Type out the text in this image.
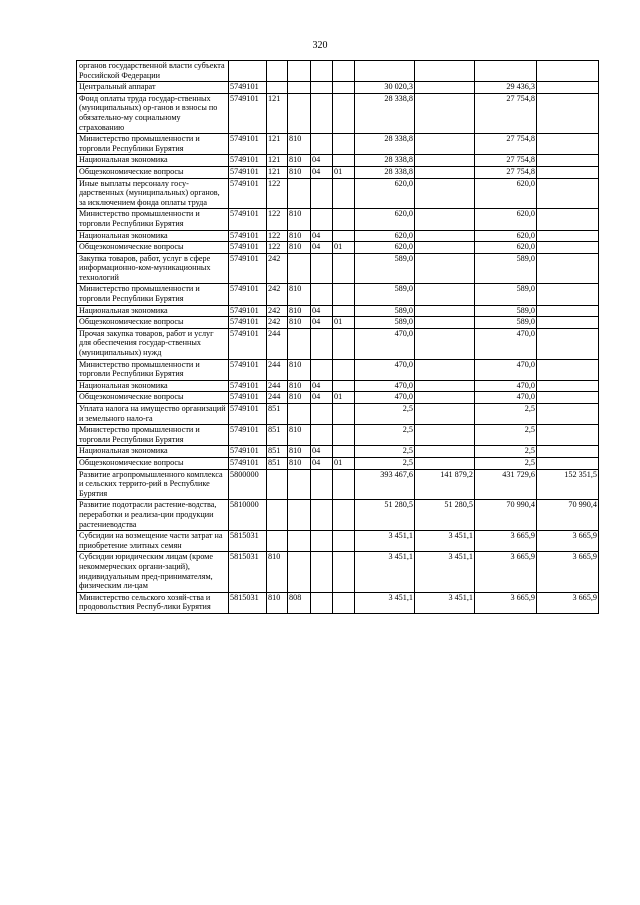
320
органов государственной власти субъекта Российской Федерации									
Центральный аппарат	5749101					30 020,3		29 436,3	
Фонд оплаты труда государ-ственных (муниципальных) ор-ганов и взносы по обязательно-му социальному страхованию	5749101	121				28 338,8		27 754,8	
Министерство промышленности и торговли Республики Бурятия	5749101	121	810			28 338,8		27 754,8	
Национальная экономика	5749101	121	810	04		28 338,8		27 754,8	
Общеэкономические вопросы	5749101	121	810	04	01	28 338,8		27 754,8	
Иные выплаты персоналу госу-дарственных (муниципальных) органов, за исключением фонда оплаты труда	5749101	122				620,0		620,0	
Министерство промышленности и торговли Республики Бурятия	5749101	122	810			620,0		620,0	
Национальная экономика	5749101	122	810	04		620,0		620,0	
Общеэкономические вопросы	5749101	122	810	04	01	620,0		620,0	
Закупка товаров, работ, услуг в сфере информационно-ком-муникационных технологий	5749101	242				589,0		589,0	
Министерство промышленности и торговли Республики Бурятия	5749101	242	810			589,0		589,0	
Национальная экономика	5749101	242	810	04		589,0		589,0	
Общеэкономические вопросы	5749101	242	810	04	01	589,0		589,0	
Прочая закупка товаров, работ и услуг для обеспечения государ-ственных (муниципальных) нужд	5749101	244				470,0		470,0	
Министерство промышленности и торговли Республики Бурятия	5749101	244	810			470,0		470,0	
Национальная экономика	5749101	244	810	04		470,0		470,0	
Общеэкономические вопросы	5749101	244	810	04	01	470,0		470,0	
Уплата налога на имущество организаций и земельного нало-га	5749101	851				2,5		2,5	
Министерство промышленности и торговли Республики Бурятия	5749101	851	810			2,5		2,5	
Национальная экономика	5749101	851	810	04		2,5		2,5	
Общеэкономические вопросы	5749101	851	810	04	01	2,5		2,5	
Развитие агропромышленного комплекса и сельских террито-рий в Республике Бурятия	5800000					393 467,6	141 879,2	431 729,6	152 351,5
Развитие подотрасли растение-водства, переработки и реализа-ции продукции растениеводства	5810000					51 280,5	51 280,5	70 990,4	70 990,4
Субсидии на возмещение части затрат на приобретение элитных семян	5815031					3 451,1	3 451,1	3 665,9	3 665,9
Субсидии юридическим лицам (кроме некоммерческих органи-заций), индивидуальным пред-принимателям, физическим ли-цам	5815031	810				3 451,1	3 451,1	3 665,9	3 665,9
Министерство сельского хозяй-ства и продовольствия Респуб-лики Бурятия	5815031	810	808			3 451,1	3 451,1	3 665,9	3 665,9
